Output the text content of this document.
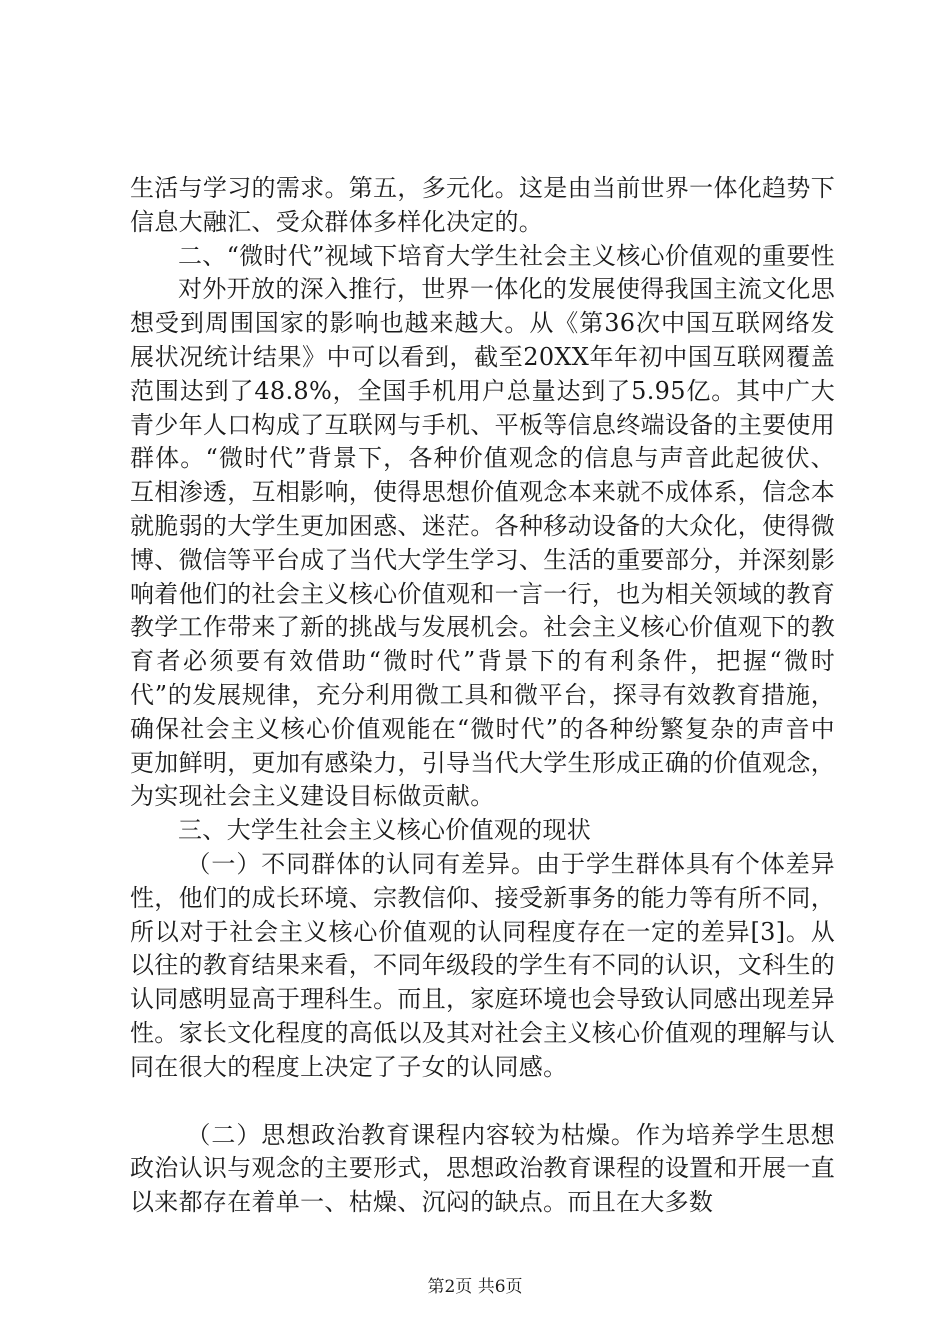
生活与学习的需求。第五，多元化。这是由当前世界一体化趋势下信息大融汇、受众群体多样化决定的。

二、“微时代”视域下培育大学生社会主义核心价值观的重要性

对外开放的深入推行，世界一体化的发展使得我国主流文化思想受到周围国家的影响也越来越大。从《第36次中国互联网络发展状况统计结果》中可以看到，截至20XX年年初中国互联网覆盖范围达到了48.8%，全国手机用户总量达到了5.95亿。其中广大青少年人口构成了互联网与手机、平板等信息终端设备的主要使用群体。“微时代”背景下，各种价值观念的信息与声音此起彼伏、互相渗透，互相影响，使得思想价值观念本来就不成体系，信念本就脆弱的大学生更加困惑、迷茫。各种移动设备的大众化，使得微博、微信等平台成了当代大学生学习、生活的重要部分，并深刻影响着他们的社会主义核心价值观和一言一行，也为相关领域的教育教学工作带来了新的挑战与发展机会。社会主义核心价值观下的教育者必须要有效借助“微时代”背景下的有利条件，把握“微时代”的发展规律，充分利用微工具和微平台，探寻有效教育措施，确保社会主义核心价值观能在“微时代”的各种纷繁复杂的声音中更加鲜明，更加有感染力，引导当代大学生形成正确的价值观念，为实现社会主义建设目标做贡献。

三、大学生社会主义核心价值观的现状

（一）不同群体的认同有差异。由于学生群体具有个体差异性，他们的成长环境、宗教信仰、接受新事务的能力等有所不同，所以对于社会主义核心价值观的认同程度存在一定的差异[3]。从以往的教育结果来看，不同年级段的学生有不同的认识，文科生的认同感明显高于理科生。而且，家庭环境也会导致认同感出现差异性。家长文化程度的高低以及其对社会主义核心价值观的理解与认同在很大的程度上决定了子女的认同感。

（二）思想政治教育课程内容较为枯燥。作为培养学生思想政治认识与观念的主要形式，思想政治教育课程的设置和开展一直以来都存在着单一、枯燥、沉闷的缺点。而且在大多数

第2页 共6页
